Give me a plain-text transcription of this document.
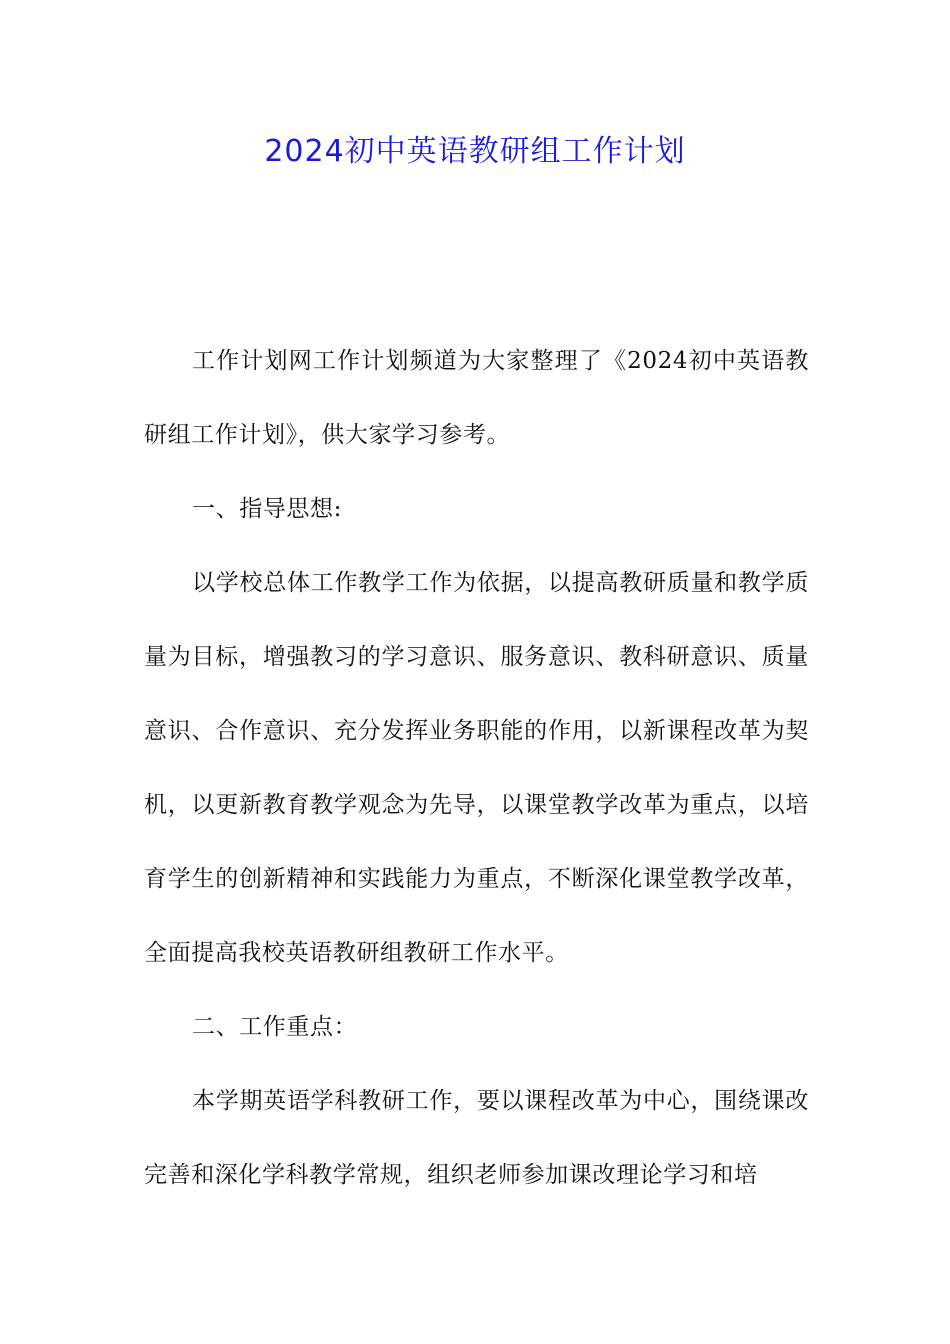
2024初中英语教研组工作计划

工作计划网工作计划频道为大家整理了《2024初中英语教研组工作计划》，供大家学习参考。

一、指导思想:

以学校总体工作教学工作为依据，以提高教研质量和教学质量为目标，增强教习的学习意识、服务意识、教科研意识、质量意识、合作意识、充分发挥业务职能的作用，以新课程改革为契机，以更新教育教学观念为先导，以课堂教学改革为重点，以培育学生的创新精神和实践能力为重点，不断深化课堂教学改革，全面提高我校英语教研组教研工作水平。

二、工作重点：

本学期英语学科教研工作，要以课程改革为中心，围绕课改完善和深化学科教学常规，组织老师参加课改理论学习和培
